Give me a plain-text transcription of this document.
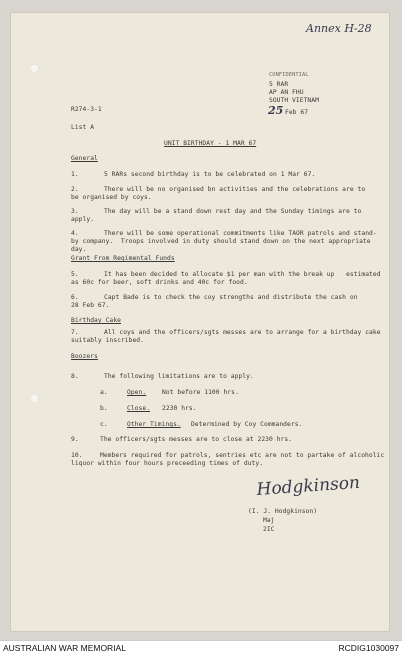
Annex H-28
CONFIDENTIAL
5 RAR
AP AN FHU
SOUTH VIETNAM
25 Feb 67
R274-3-1
List A
UNIT BIRTHDAY - 1 MAR 67
General
1.	5 RARs second birthday is to be celebrated on 1 Mar 67.
2.	There will be no organised bn activities and the celebrations are to
be organised by coys.
3.	The day will be a stand down rest day and the Sunday timings are to
apply.
4.	There will be some operational commitments like TAOR patrols and stand-
by company.  Troops involved in duty should stand down on the next appropriate
day.
Grant From Regimental Funds
5.	It has been decided to allocate $1 per man with the break up   estimated
as 60c for beer, soft drinks and 40c for food.
6.	Capt Bade is to check the coy strengths and distribute the cash on
28 Feb 67.
Birthday Cake
7.	All coys and the officers/sgts messes are to arrange for a birthday cake
suitably inscribed.
Boozers
8.	The following limitations are to apply.
a.	Open.	Not before 1100 hrs.
b.	Close. 2230 hrs.
c.	Other Timings. Determined by Coy Commanders.
9.	The officers/sgts messes are to close at 2230 hrs.
10.	Members required for patrols, sentries etc are not to partake of alcoholic
liquor within four hours preceeding times of duty.
Hodgkinson
(I. J. Hodgkinson)
Maj
2IC
AUSTRALIAN WAR MEMORIAL	RCDIG1030097
